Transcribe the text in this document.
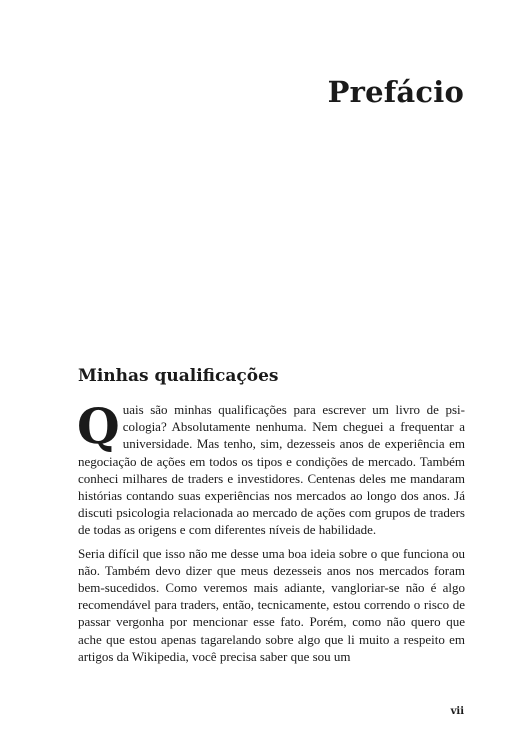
Prefácio
Minhas qualificações

Quais são minhas qualificações para escrever um livro de psicologia? Absolutamente nenhuma. Nem cheguei a frequentar a universidade. Mas tenho, sim, dezesseis anos de experiência em negociação de ações em todos os tipos e condições de mercado. Também conheci milhares de traders e investidores. Centenas deles me mandaram histórias contando suas experiências nos mercados ao longo dos anos. Já discuti psicologia relacionada ao mercado de ações com grupos de traders de todas as origens e com diferentes níveis de habilidade.

Seria difícil que isso não me desse uma boa ideia sobre o que funciona ou não. Também devo dizer que meus dezesseis anos nos mercados foram bem-sucedidos. Como veremos mais adiante, vangloriar-se não é algo recomendável para traders, então, tecnicamente, estou correndo o risco de passar vergonha por mencionar esse fato. Porém, como não quero que ache que estou apenas tagarelando sobre algo que li muito a respeito em artigos da Wikipedia, você precisa saber que sou um

vii
